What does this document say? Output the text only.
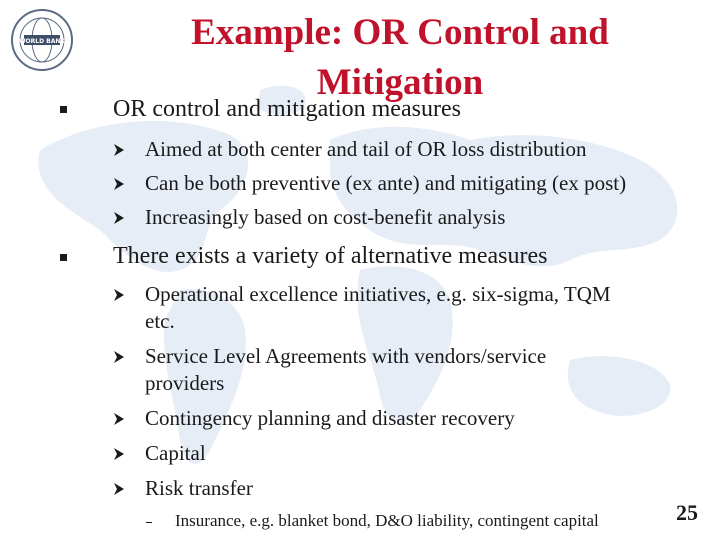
WORLD BANK	Example: OR Control and Mitigation
OR control and mitigation measures
Aimed at both center and tail of OR loss distribution
Can be both preventive (ex ante) and mitigating (ex post)
Increasingly based on cost-benefit analysis
There exists a variety of alternative measures
Operational excellence initiatives, e.g. six-sigma, TQM
etc.
Service Level Agreements with vendors/service
providers
Contingency planning and disaster recovery
Capital
Risk transfer
Insurance, e.g. blanket bond, D&O liability, contingent capital	25
